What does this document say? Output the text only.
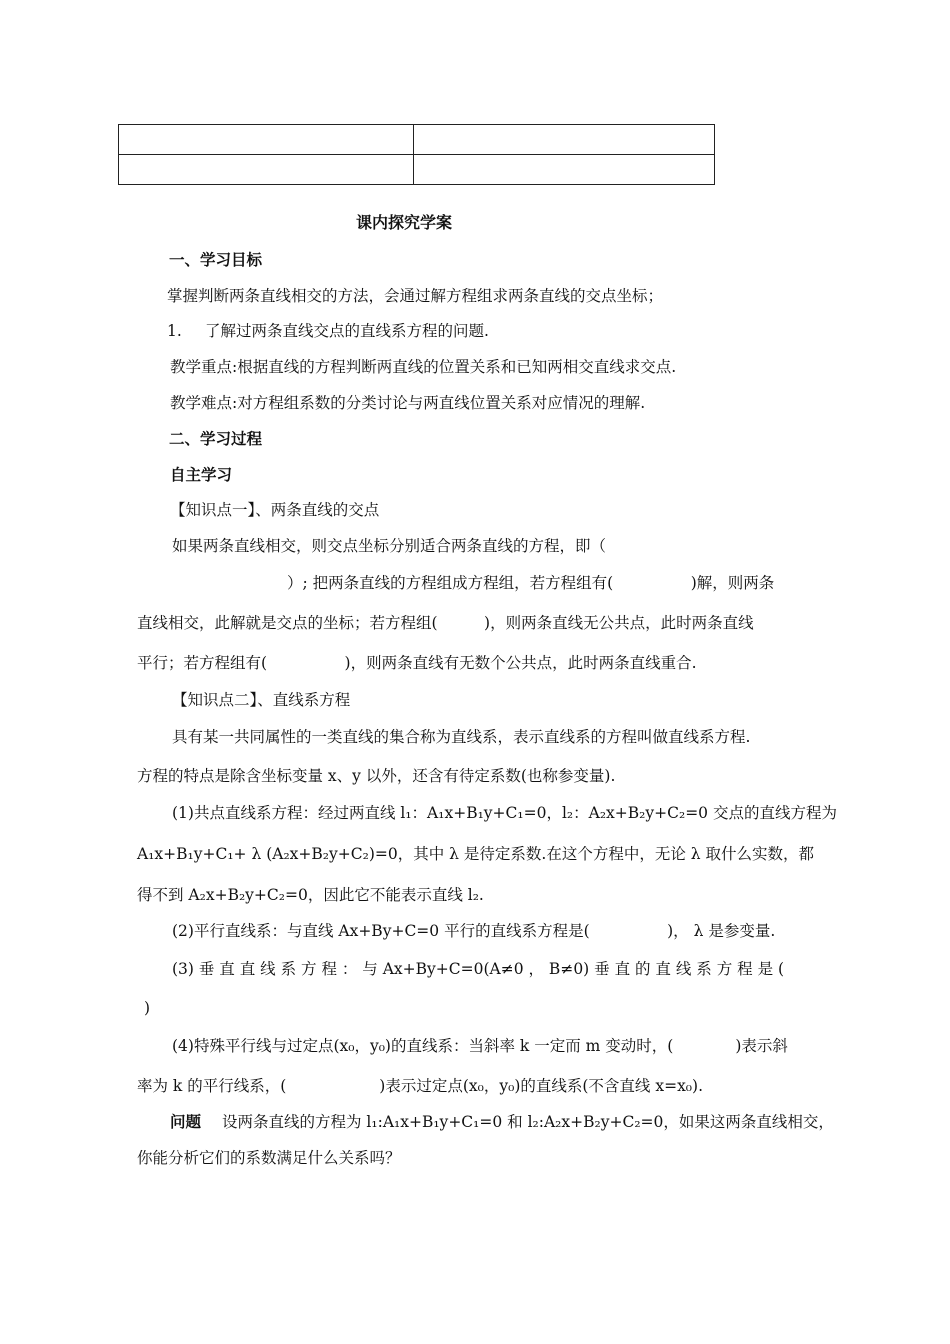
课内探究学案
一、学习目标
掌握判断两条直线相交的方法，会通过解方程组求两条直线的交点坐标；
1. 了解过两条直线交点的直线系方程的问题.
教学重点:根据直线的方程判断两直线的位置关系和已知两相交直线求交点.
教学难点:对方程组系数的分类讨论与两直线位置关系对应情况的理解.
二、学习过程
自主学习
【知识点一】、两条直线的交点
如果两条直线相交，则交点坐标分别适合两条直线的方程，即（
）; 把两条直线的方程组成方程组，若方程组有(　　　　　)解，则两条
直线相交，此解就是交点的坐标；若方程组(　　　)，则两条直线无公共点，此时两条直线
平行；若方程组有(　　　　　)，则两条直线有无数个公共点，此时两条直线重合.
【知识点二】、直线系方程
具有某一共同属性的一类直线的集合称为直线系，表示直线系的方程叫做直线系方程.
方程的特点是除含坐标变量 x、y 以外，还含有待定系数(也称参变量).
(1)共点直线系方程：经过两直线 l₁：A₁x+B₁y+C₁=0，l₂：A₂x+B₂y+C₂=0 交点的直线方程为
A₁x+B₁y+C₁+ λ (A₂x+B₂y+C₂)=0，其中 λ 是待定系数.在这个方程中，无论 λ 取什么实数，都
得不到 A₂x+B₂y+C₂=0，因此它不能表示直线 l₂.
(2)平行直线系：与直线 Ax+By+C=0 平行的直线系方程是(　　　　　)， λ 是参变量.
(3) 垂 直 直 线 系 方 程 ： 与 Ax+By+C=0(A≠0 ， B≠0) 垂 直 的 直 线 系 方 程 是 (
)
(4)特殊平行线与过定点(x₀，y₀)的直线系：当斜率 k 一定而 m 变动时，(　　　　)表示斜
率为 k 的平行线系，(　　　　　　)表示过定点(x₀，y₀)的直线系(不含直线 x=x₀).
问题 设两条直线的方程为 l₁:A₁x+B₁y+C₁=0 和 l₂:A₂x+B₂y+C₂=0，如果这两条直线相交，
你能分析它们的系数满足什么关系吗？
